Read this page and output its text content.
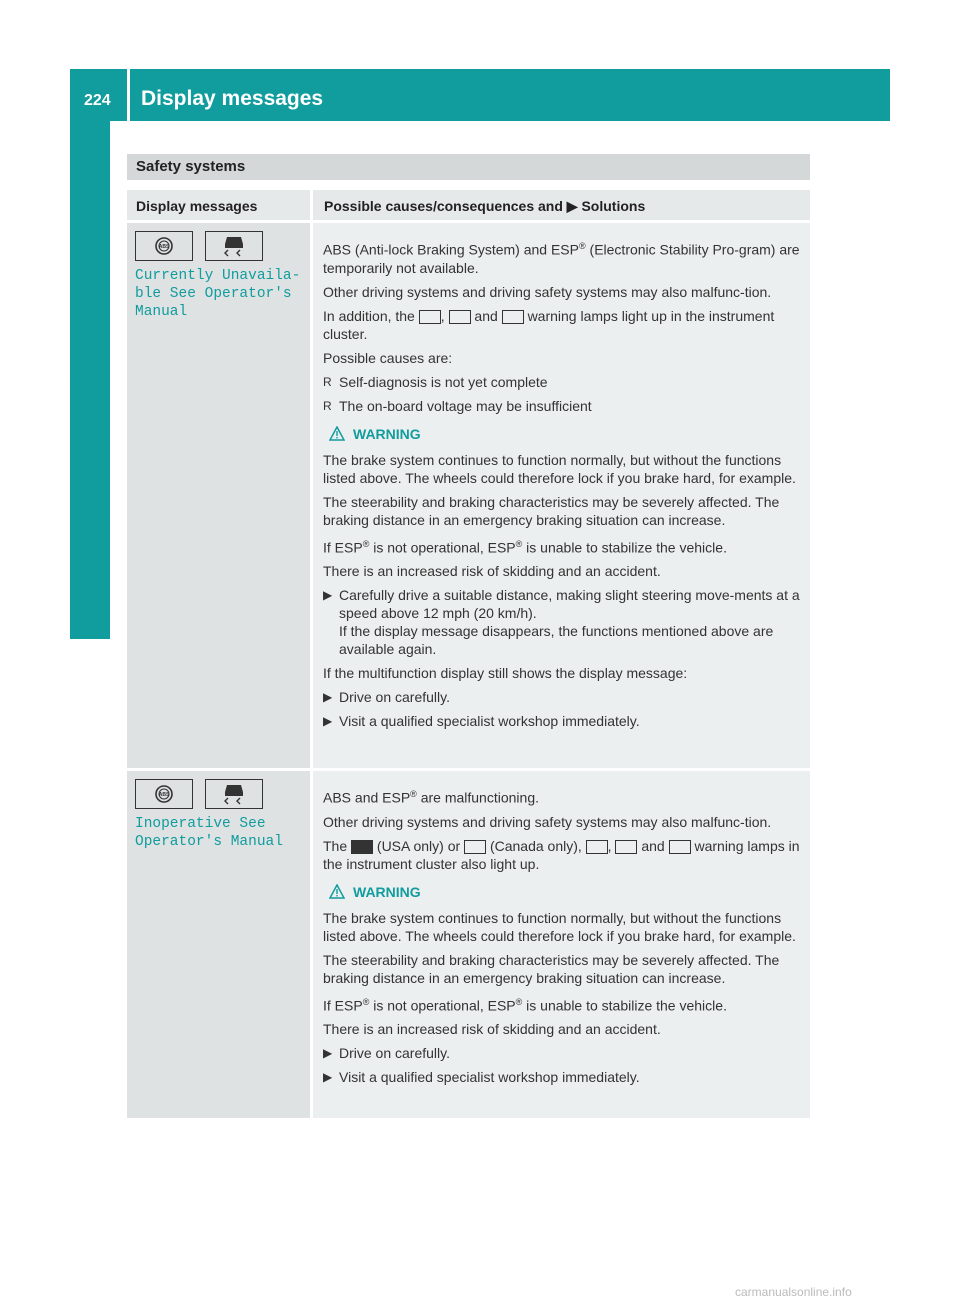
224 Display messages
On-board computer and displays
Safety systems
Display messages	Possible causes/consequences and ▶ Solutions
ABS
Currently Unavaila‑
ble See Operator's
Manual

ABS (Anti-lock Braking System) and ESP® (Electronic Stability Pro-gram) are temporarily not available.

Other driving systems and driving safety systems may also malfunc-tion.

In addition, the , and warning lamps light up in the instrument cluster.

Possible causes are:

R Self-diagnosis is not yet complete
R The on-board voltage may be insufficient
WARNING

The brake system continues to function normally, but without the functions listed above. The wheels could therefore lock if you brake hard, for example.

The steerability and braking characteristics may be severely affected. The braking distance in an emergency braking situation can increase.

If ESP® is not operational, ESP® is unable to stabilize the vehicle.

There is an increased risk of skidding and an accident.

▶ Carefully drive a suitable distance, making slight steering move-ments at a speed above 12 mph (20 km/h).
If the display message disappears, the functions mentioned above are available again.

If the multifunction display still shows the display message:

▶ Drive on carefully.
▶ Visit a qualified specialist workshop immediately.
ABS
Inoperative See
Operator's Manual

ABS and ESP® are malfunctioning.

Other driving systems and driving safety systems may also malfunc-tion.

The (USA only) or (Canada only), , and warning lamps in the instrument cluster also light up.

WARNING

The brake system continues to function normally, but without the functions listed above. The wheels could therefore lock if you brake hard, for example.

The steerability and braking characteristics may be severely affected. The braking distance in an emergency braking situation can increase.

If ESP® is not operational, ESP® is unable to stabilize the vehicle.

There is an increased risk of skidding and an accident.

▶ Drive on carefully.
▶ Visit a qualified specialist workshop immediately.
carmanualsonline.info
